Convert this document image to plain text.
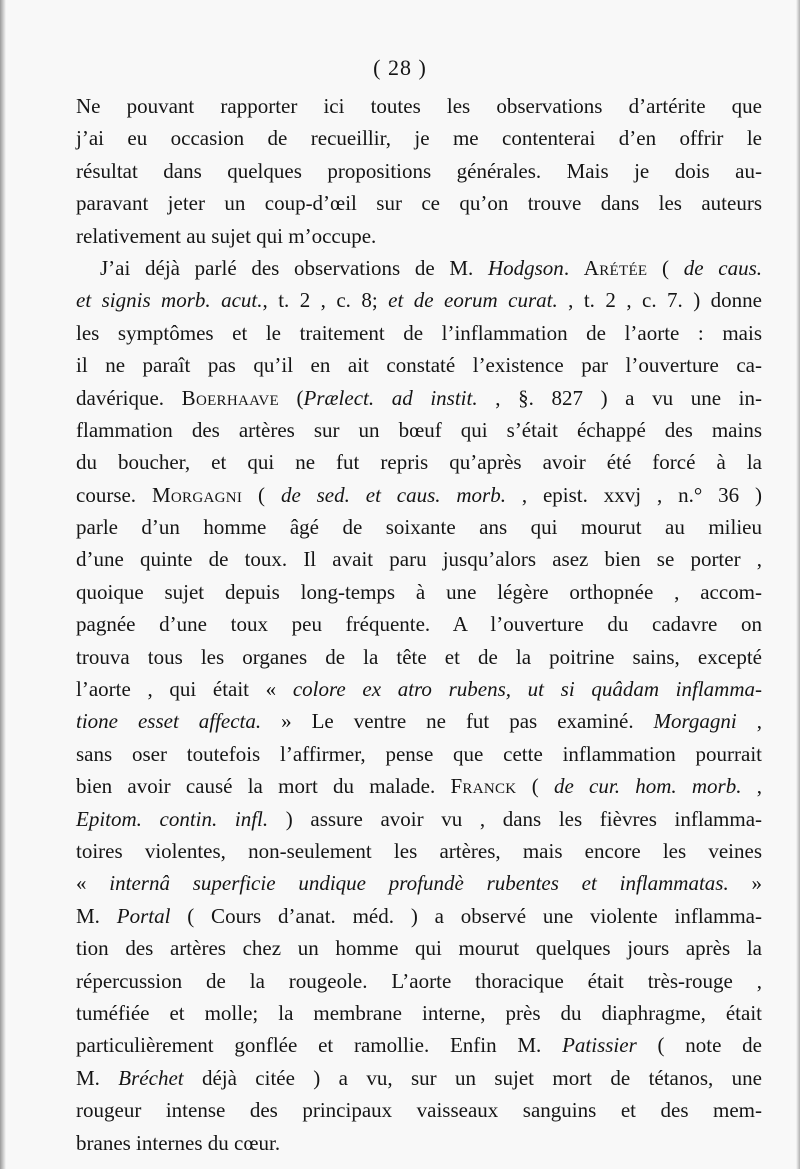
( 28 )
Ne pouvant rapporter ici toutes les observations d’artérite que
j’ai eu occasion de recueillir, je me contenterai d’en offrir le
résultat dans quelques propositions générales. Mais je dois au-
paravant jeter un coup-d’œil sur ce qu’on trouve dans les auteurs
relativement au sujet qui m’occupe.
J’ai déjà parlé des observations de M. Hodgson. Arétée ( de caus.
et signis morb. acut., t. 2 , c. 8; et de eorum curat. , t. 2 , c. 7. ) donne
les symptômes et le traitement de l’inflammation de l’aorte : mais
il ne paraît pas qu’il en ait constaté l’existence par l’ouverture ca-
davérique. Boerhaave (Prælect. ad instit. , §. 827 ) a vu une in-
flammation des artères sur un bœuf qui s’était échappé des mains
du boucher, et qui ne fut repris qu’après avoir été forcé à la
course. Morgagni ( de sed. et caus. morb. , epist. xxvj , n.° 36 )
parle d’un homme âgé de soixante ans qui mourut au milieu
d’une quinte de toux. Il avait paru jusqu’alors asez bien se porter ,
quoique sujet depuis long-temps à une légère orthopnée , accom-
pagnée d’une toux peu fréquente. A l’ouverture du cadavre on
trouva tous les organes de la tête et de la poitrine sains, excepté
l’aorte , qui était « colore ex atro rubens, ut si quâdam inflamma-
tione esset affecta. » Le ventre ne fut pas examiné. Morgagni ,
sans oser toutefois l’affirmer, pense que cette inflammation pourrait
bien avoir causé la mort du malade. Franck ( de cur. hom. morb. ,
Epitom. contin. infl. ) assure avoir vu , dans les fièvres inflamma-
toires violentes, non-seulement les artères, mais encore les veines
« internâ superficie undique profundè rubentes et inflammatas. »
M. Portal ( Cours d’anat. méd. ) a observé une violente inflamma-
tion des artères chez un homme qui mourut quelques jours après la
répercussion de la rougeole. L’aorte thoracique était très-rouge ,
tuméfiée et molle; la membrane interne, près du diaphragme, était
particulièrement gonflée et ramollie. Enfin M. Patissier ( note de
M. Bréchet déjà citée ) a vu, sur un sujet mort de tétanos, une
rougeur intense des principaux vaisseaux sanguins et des mem-
branes internes du cœur.
